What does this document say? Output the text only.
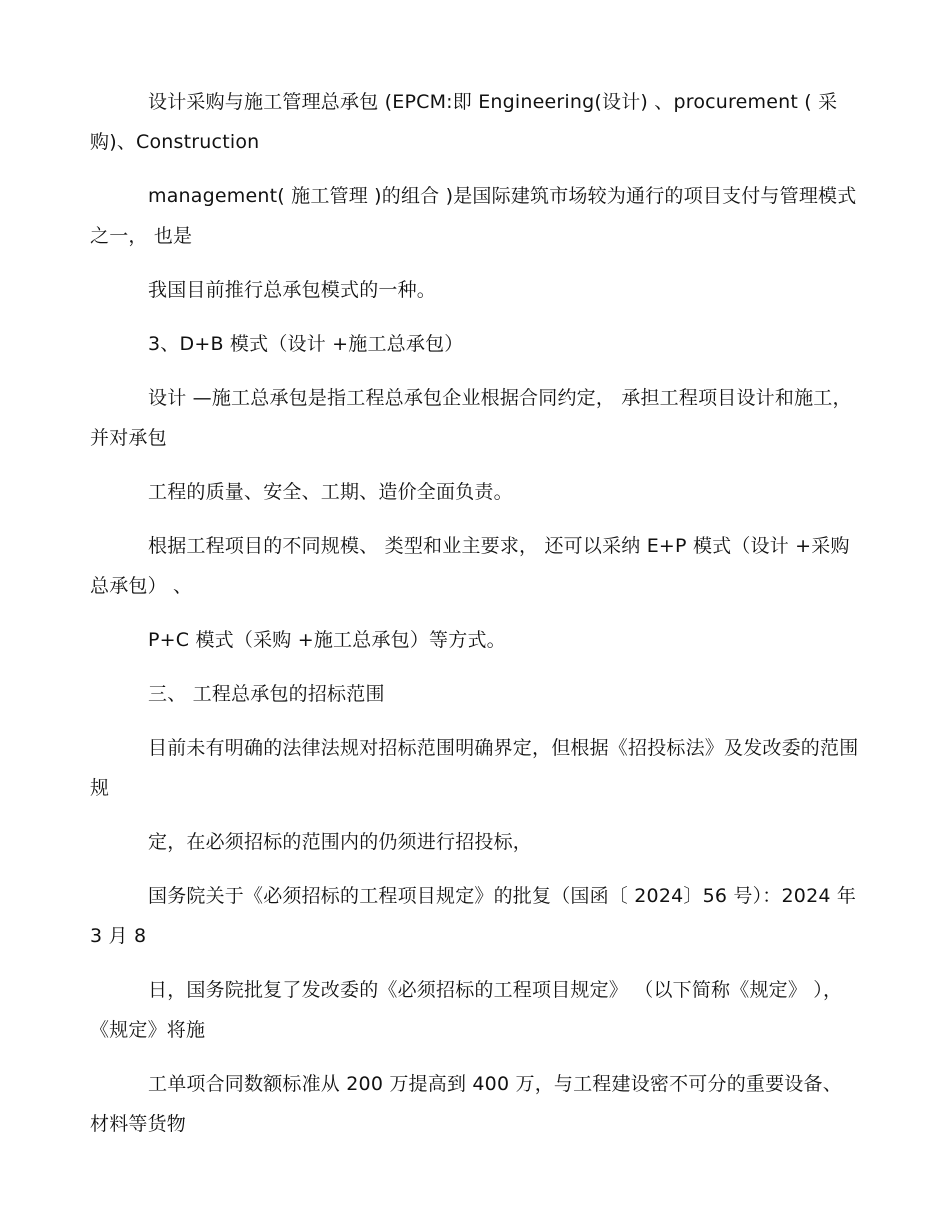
设计采购与施工管理总承包 (EPCM:即 Engineering(设计) 、procurement ( 采购)、Construction

management( 施工管理 )的组合 )是国际建筑市场较为通行的项目支付与管理模式之一， 也是

我国目前推行总承包模式的一种。

3、D+B 模式（设计 +施工总承包）

设计 —施工总承包是指工程总承包企业根据合同约定， 承担工程项目设计和施工， 并对承包

工程的质量、安全、工期、造价全面负责。

根据工程项目的不同规模、 类型和业主要求， 还可以采纳 E+P 模式（设计 +采购总承包） 、

P+C 模式（采购 +施工总承包）等方式。

三、 工程总承包的招标范围

目前未有明确的法律法规对招标范围明确界定，但根据《招投标法》及发改委的范围规

定，在必须招标的范围内的仍须进行招投标，

国务院关于《必须招标的工程项目规定》的批复（国函〔 2024〕56 号）：2024 年 3 月 8

日，国务院批复了发改委的《必须招标的工程项目规定》 （以下简称《规定》 ），《规定》将施

工单项合同数额标准从 200 万提高到 400 万，与工程建设密不可分的重要设备、 材料等货物
